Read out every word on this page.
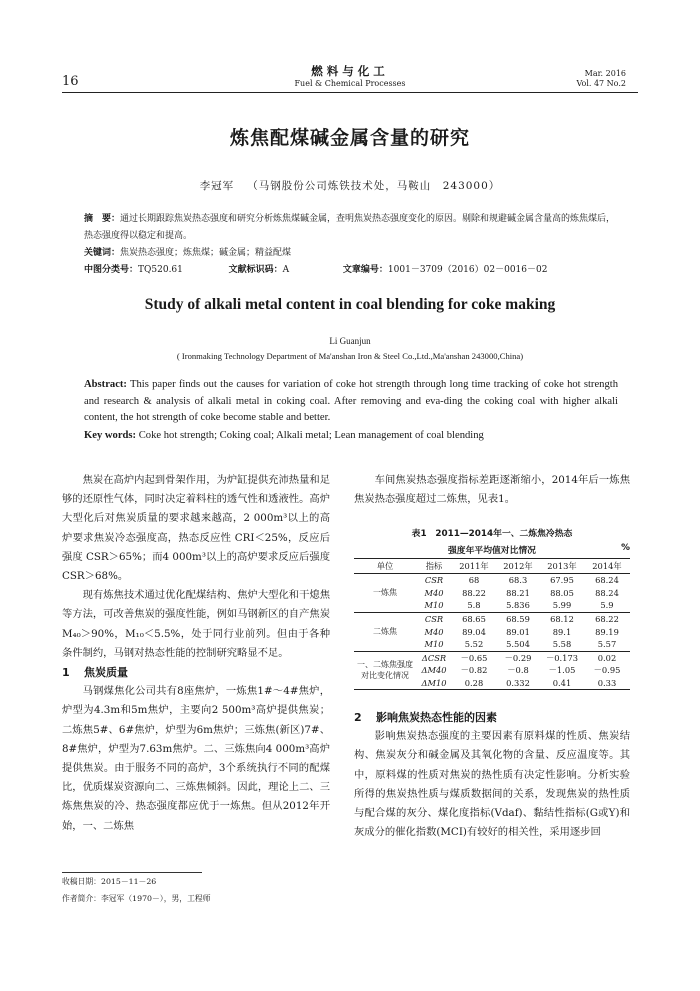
16
燃料与化工
Fuel & Chemical Processes
Mar. 2016
Vol. 47 No.2
炼焦配煤碱金属含量的研究
李冠军 （马钢股份公司炼铁技术处，马鞍山　243000）
摘　要：通过长期跟踪焦炭热态强度和研究分析炼焦煤碱金属，查明焦炭热态强度变化的原因。剔除和规避碱金属含量高的炼焦煤后，热态强度得以稳定和提高。
关键词：焦炭热态强度；炼焦煤；碱金属；精益配煤
中图分类号：TQ520.61	文献标识码：A	文章编号：1001－3709（2016）02－0016－02
Study of alkali metal content in coal blending for coke making
Li Guanjun
( Ironmaking Technology Department of Ma'anshan Iron & Steel Co.,Ltd.,Ma'anshan 243000,China)
Abstract: This paper finds out the causes for variation of coke hot strength through long time tracking of coke hot strength and research & analysis of alkali metal in coking coal. After removing and eva-ding the coking coal with higher alkali content, the hot strength of coke become stable and better.
Key words: Coke hot strength; Coking coal; Alkali metal; Lean management of coal blending

焦炭在高炉内起到骨架作用，为炉缸提供充沛热量和足够的还原性气体，同时决定着料柱的透气性和透液性。高炉大型化后对焦炭质量的要求越来越高，2 000m³以上的高炉要求焦炭冷态强度高，热态反应性 CRI＜25%，反应后强度 CSR＞65%；而4 000m³以上的高炉要求反应后强度 CSR＞68%。

现有炼焦技术通过优化配煤结构、焦炉大型化和干熄焦等方法，可改善焦炭的强度性能，例如马钢新区的自产焦炭 M₄₀＞90%，M₁₀＜5.5%，处于同行业前列。但由于各种条件制约，马钢对热态性能的控制研究略显不足。

1 焦炭质量

马钢煤焦化公司共有8座焦炉，一炼焦1#～4#焦炉，炉型为4.3m和5m焦炉，主要向2 500m³高炉提供焦炭；二炼焦5#、6#焦炉，炉型为6m焦炉；三炼焦(新区)7#、8#焦炉，炉型为7.63m焦炉。二、三炼焦向4 000m³高炉提供焦炭。由于服务不同的高炉，3个系统执行不同的配煤比，优质煤炭资源向二、三炼焦倾斜。因此，理论上二、三炼焦焦炭的冷、热态强度都应优于一炼焦。但从2012年开始，一、二炼焦

车间焦炭热态强度指标差距逐渐缩小，2014年后一炼焦焦炭热态强度超过二炼焦，见表1。

表1　2011—2014年一、二炼焦冷热态
强度年平均值对比情况	%
单位	指标	2011年	2012年	2013年	2014年
一炼焦	CSR	68	68.3	67.95	68.24
	M40	88.22	88.21	88.05	88.24
	M10	5.8	5.836	5.99	5.9
二炼焦	CSR	68.65	68.59	68.12	68.22
	M40	89.04	89.01	89.1	89.19
	M10	5.52	5.504	5.58	5.57
一、二炼焦强度对比变化情况	ΔCSR	－0.65	－0.29	－0.173	0.02
	ΔM40	－0.82	－0.8	－1.05	－0.95
	ΔM10	0.28	0.332	0.41	0.33

2 影响焦炭热态性能的因素

影响焦炭热态强度的主要因素有原料煤的性质、焦炭结构、焦炭灰分和碱金属及其氧化物的含量、反应温度等。其中，原料煤的性质对焦炭的热性质有决定性影响。分析实验所得的焦炭热性质与煤质数据间的关系，发现焦炭的热性质与配合煤的灰分、煤化度指标(Vdaf)、黏结性指标(G或Y)和灰成分的催化指数(MCI)有较好的相关性，采用逐步回

收稿日期：2015－11－26
作者简介：李冠军（1970－），男，工程师
